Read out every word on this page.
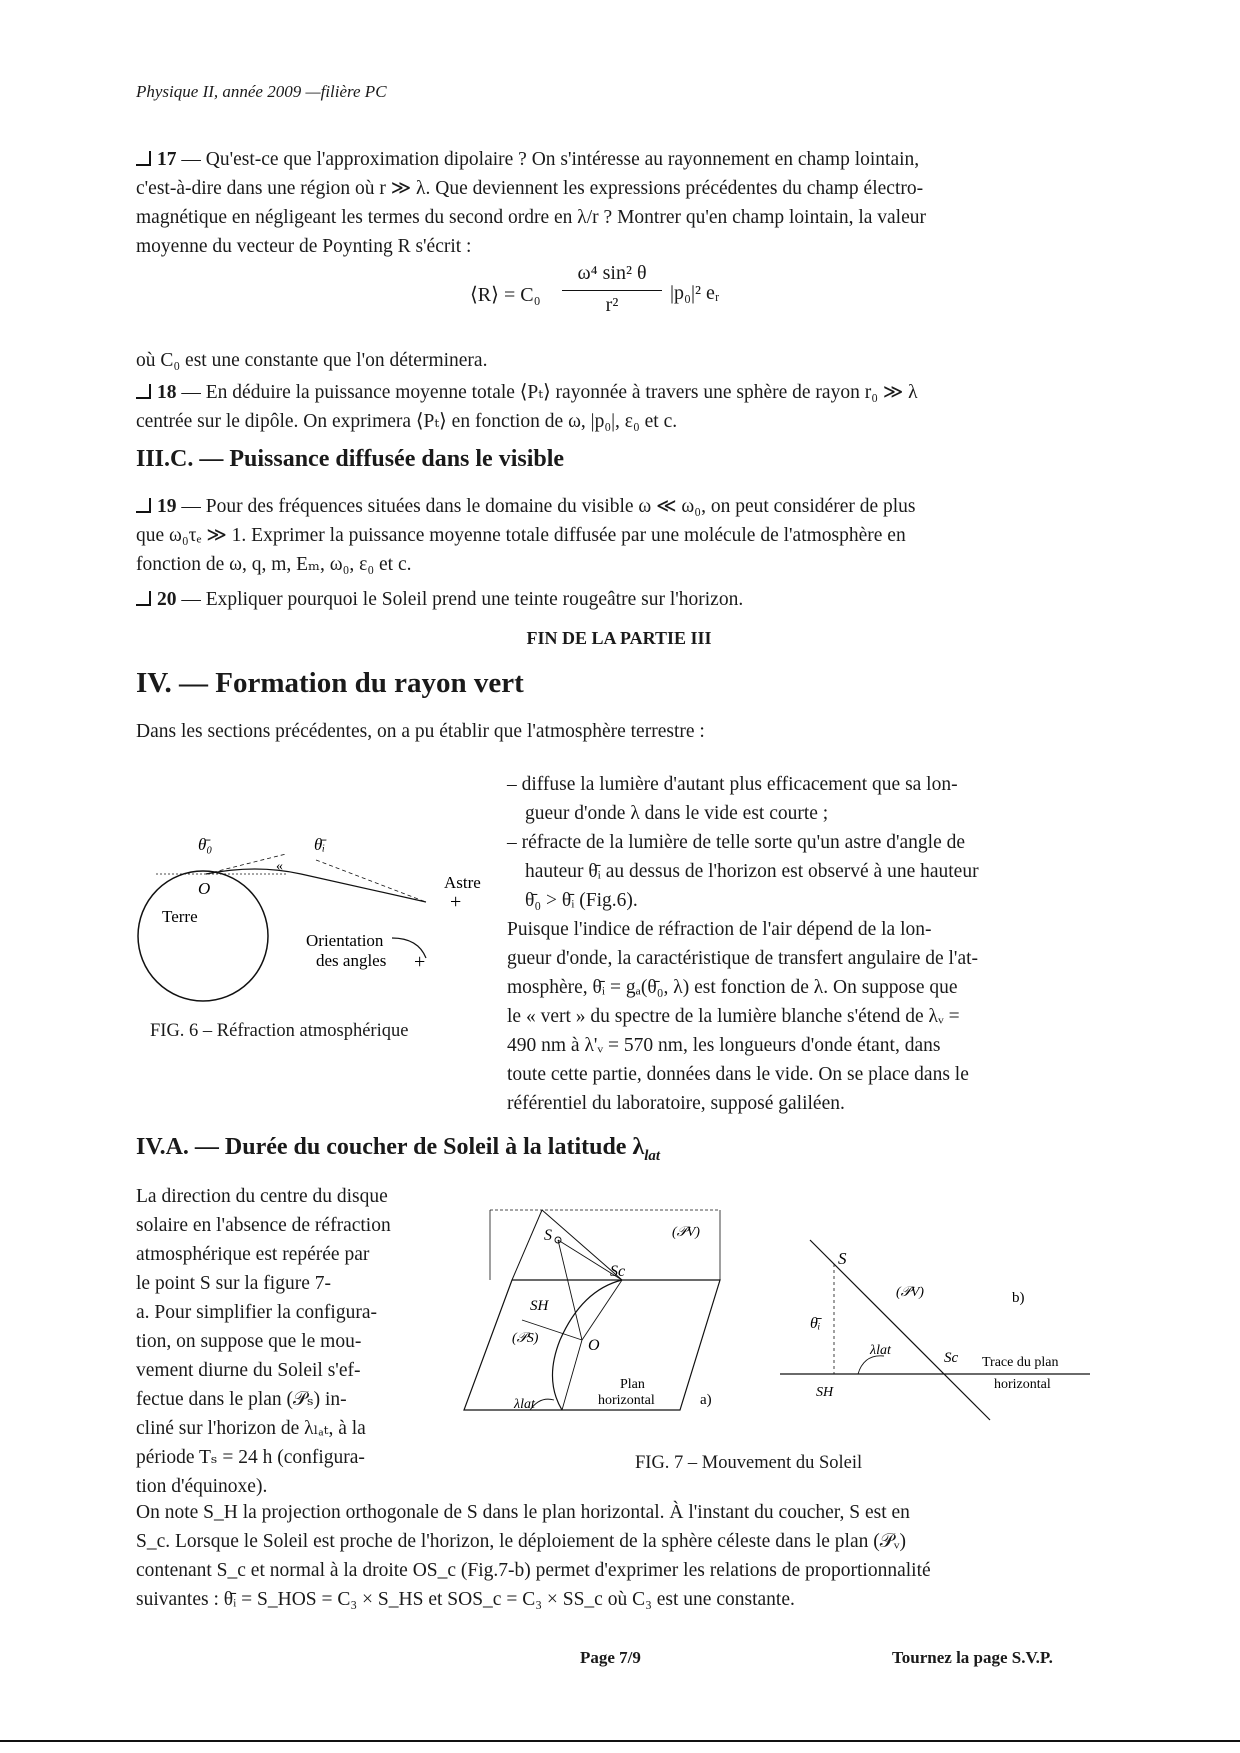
Physique II, année 2009 —filière PC
17 — Qu'est-ce que l'approximation dipolaire ? On s'intéresse au rayonnement en champ lointain,
c'est-à-dire dans une région où r ≫ λ. Que deviennent les expressions précédentes du champ électro-
magnétique en négligeant les termes du second ordre en λ/r ? Montrer qu'en champ lointain, la valeur
moyenne du vecteur de Poynting R s'écrit :
⟨R⟩ = C₀
ω⁴ sin² θ
r²
|p₀|² eᵣ
où C₀ est une constante que l'on déterminera.
18 — En déduire la puissance moyenne totale ⟨Pₜ⟩ rayonnée à travers une sphère de rayon r₀ ≫ λ
centrée sur le dipôle. On exprimera ⟨Pₜ⟩ en fonction de ω, |p₀|, ε₀ et c.
III.C. — Puissance diffusée dans le visible
19 — Pour des fréquences situées dans le domaine du visible ω ≪ ω₀, on peut considérer de plus
que ω₀τₑ ≫ 1. Exprimer la puissance moyenne totale diffusée par une molécule de l'atmosphère en
fonction de ω, q, m, Eₘ, ω₀, ε₀ et c.
20 — Expliquer pourquoi le Soleil prend une teinte rougeâtre sur l'horizon.
FIN DE LA PARTIE III
IV. — Formation du rayon vert
Dans les sections précédentes, on a pu établir que l'atmosphère terrestre :
«
θ̄₀	θ̄ᵢ
O
Terre
Astre
+
Orientation
des angles +
FIG. 6 – Réfraction atmosphérique
– diffuse la lumière d'autant plus efficacement que sa lon-
gueur d'onde λ dans le vide est courte ;
– réfracte de la lumière de telle sorte qu'un astre d'angle de
hauteur θ̄ᵢ au dessus de l'horizon est observé à une hauteur
θ̄₀ > θ̄ᵢ (Fig.6).
Puisque l'indice de réfraction de l'air dépend de la lon-
gueur d'onde, la caractéristique de transfert angulaire de l'at-
mosphère, θ̄ᵢ = gₐ(θ̄₀, λ) est fonction de λ. On suppose que
le « vert » du spectre de la lumière blanche s'étend de λᵥ =
490 nm à λ'ᵥ = 570 nm, les longueurs d'onde étant, dans
toute cette partie, données dans le vide. On se place dans le
référentiel du laboratoire, supposé galiléen.
IV.A. — Durée du coucher de Soleil à la latitude $\lambda_{lat}$
La direction du centre du disque
solaire en l'absence de réfraction
atmosphérique est repérée par
le point S sur la figure 7-
a. Pour simplifier la configura-
tion, on suppose que le mou-
vement diurne du Soleil s'ef-
fectue dans le plan (𝒫ₛ) in-
cliné sur l'horizon de λₗₐₜ, à la
période Tₛ = 24 h (configura-
tion d'équinoxe).
S
Sc
SH
(𝒫V)
(𝒫S)	O
λlat
Plan
horizontal	a)
S
(𝒫V)	b)
θ̄ᵢ
λlat	Sc
SH
Trace du plan
horizontal
FIG. 7 – Mouvement du Soleil
On note S_H la projection orthogonale de S dans le plan horizontal. À l'instant du coucher, S est en
S_c. Lorsque le Soleil est proche de l'horizon, le déploiement de la sphère céleste dans le plan (𝒫ᵥ)
contenant S_c et normal à la droite OS_c (Fig.7-b) permet d'exprimer les relations de proportionnalité
suivantes : θ̄ᵢ = S_HOS = C₃ × S_HS et SOS_c = C₃ × SS_c où C₃ est une constante.
Page 7/9	Tournez la page S.V.P.
